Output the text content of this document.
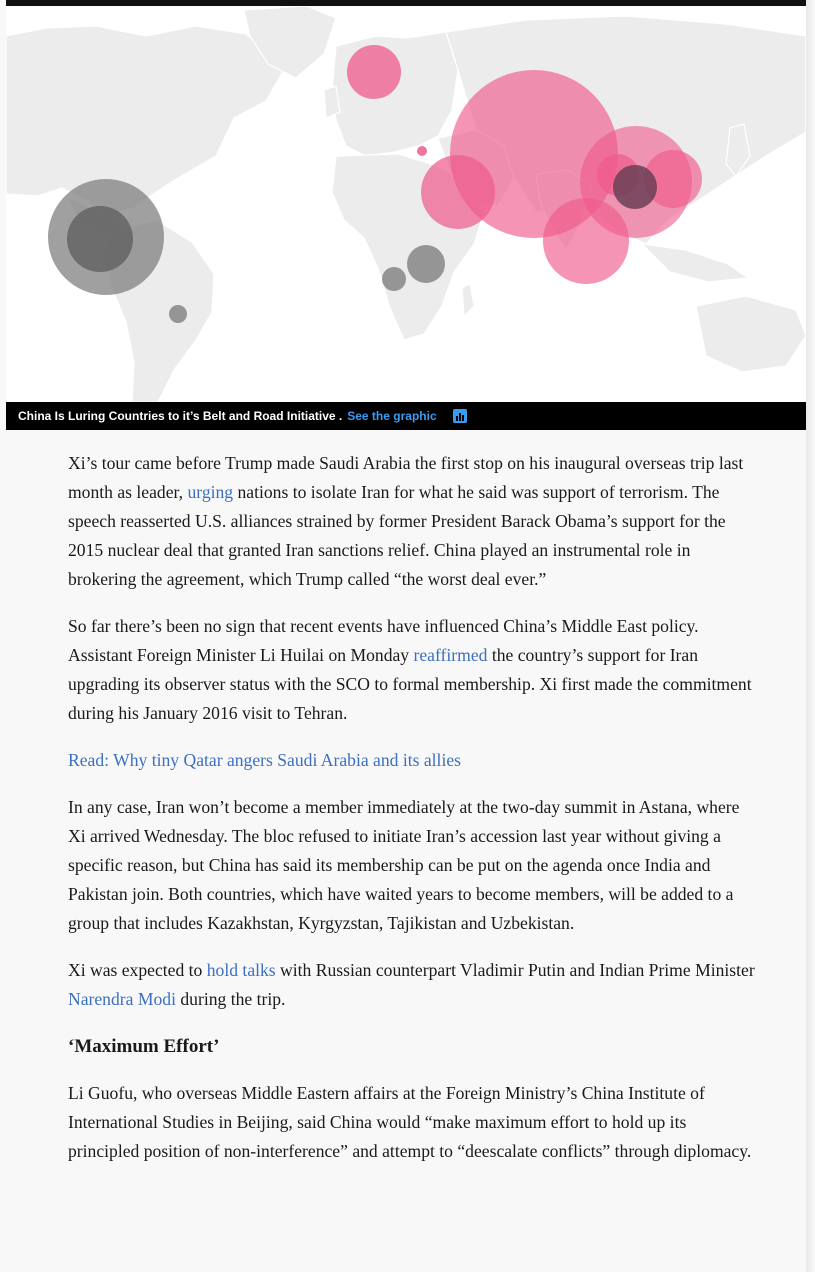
China Is Luring Countries to it’s Belt and Road Initiative . See the graphic

Xi’s tour came before Trump made Saudi Arabia the first stop on his inaugural overseas trip last month as leader, urging nations to isolate Iran for what he said was support of terrorism. The speech reasserted U.S. alliances strained by former President Barack Obama’s support for the 2015 nuclear deal that granted Iran sanctions relief. China played an instrumental role in brokering the agreement, which Trump called “the worst deal ever.”

So far there’s been no sign that recent events have influenced China’s Middle East policy. Assistant Foreign Minister Li Huilai on Monday reaffirmed the country’s support for Iran upgrading its observer status with the SCO to formal membership. Xi first made the commitment during his January 2016 visit to Tehran.

Read: Why tiny Qatar angers Saudi Arabia and its allies

In any case, Iran won’t become a member immediately at the two-day summit in Astana, where Xi arrived Wednesday. The bloc refused to initiate Iran’s accession last year without giving a specific reason, but China has said its membership can be put on the agenda once India and Pakistan join. Both countries, which have waited years to become members, will be added to a group that includes Kazakhstan, Kyrgyzstan, Tajikistan and Uzbekistan.

Xi was expected to hold talks with Russian counterpart Vladimir Putin and Indian Prime Minister Narendra Modi during the trip.

‘Maximum Effort’

Li Guofu, who overseas Middle Eastern affairs at the Foreign Ministry’s China Institute of International Studies in Beijing, said China would “make maximum effort to hold up its principled position of non-interference” and attempt to “deescalate conflicts” through diplomacy.
